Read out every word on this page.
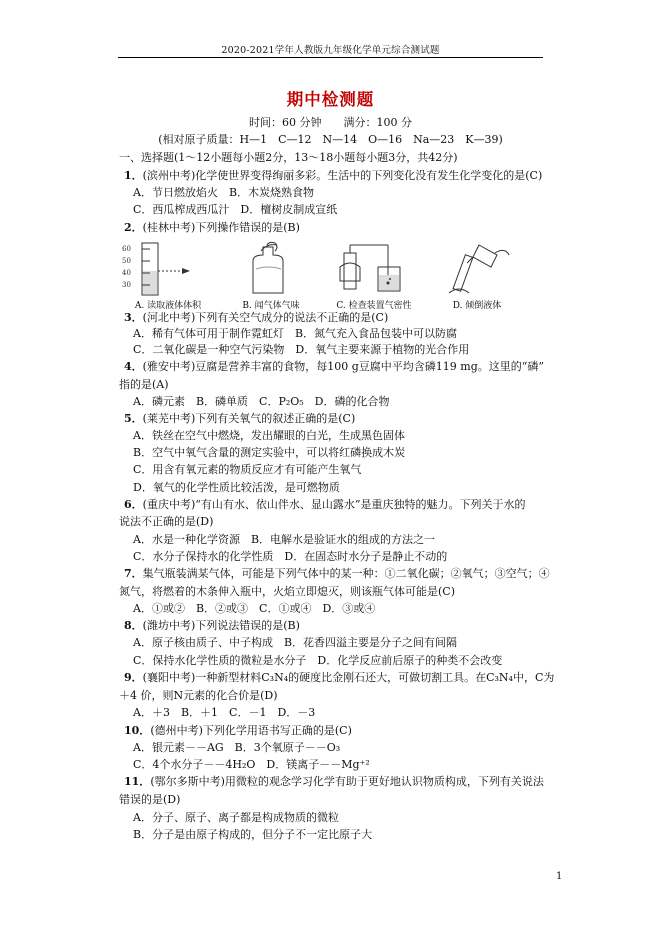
2020-2021学年人教版九年级化学单元综合测试题
期中检测题
时间：60 分钟　　满分：100 分
(相对原子质量：H—1　C—12　N—14　O—16　Na—23　K—39)
一、选择题(1～12小题每小题2分，13～18小题每小题3分，共42分)
1．(滨州中考)化学使世界变得绚丽多彩。生活中的下列变化没有发生化学变化的是(C)
A．节日燃放焰火　B．木炭烧熟食物
C．西瓜榨成西瓜汁　D．檀树皮制成宣纸
2．(桂林中考)下列操作错误的是(B)
60
50
40
30
A. 读取液体体积	B. 闻气体气味	C. 检查装置气密性	D. 倾倒液体
3．(河北中考)下列有关空气成分的说法不正确的是(C)
A．稀有气体可用于制作霓虹灯　B．氮气充入食品包装中可以防腐
C．二氧化碳是一种空气污染物　D．氧气主要来源于植物的光合作用
4．(雅安中考)豆腐是营养丰富的食物，每100 g豆腐中平均含磷119 mg。这里的“磷”
指的是(A)
A．磷元素　B．磷单质　C．P₂O₅　D．磷的化合物
5．(莱芜中考)下列有关氧气的叙述正确的是(C)
A．铁丝在空气中燃烧，发出耀眼的白光，生成黑色固体
B．空气中氧气含量的测定实验中，可以将红磷换成木炭
C．用含有氧元素的物质反应才有可能产生氧气
D．氧气的化学性质比较活泼，是可燃物质
6．(重庆中考)“有山有水、依山伴水、显山露水”是重庆独特的魅力。下列关于水的
说法不正确的是(D)
A．水是一种化学资源　B．电解水是验证水的组成的方法之一
C．水分子保持水的化学性质　D．在固态时水分子是静止不动的
7．集气瓶装满某气体，可能是下列气体中的某一种：①二氧化碳；②氧气；③空气；④
氮气，将燃着的木条伸入瓶中，火焰立即熄灭，则该瓶气体可能是(C)
A．①或②　B．②或③　C．①或④　D．③或④
8．(潍坊中考)下列说法错误的是(B)
A．原子核由质子、中子构成　B．花香四溢主要是分子之间有间隔
C．保持水化学性质的微粒是水分子　D．化学反应前后原子的种类不会改变
9．(襄阳中考)一种新型材料C₃N₄的硬度比金刚石还大，可做切割工具。在C₃N₄中，C为
＋4 价，则N元素的化合价是(D)
A．＋3　B．＋1　C．－1　D．－3
10．(德州中考)下列化学用语书写正确的是(C)
A．银元素－－AG　B．3个氧原子－－O₃
C．4个水分子－－4H₂O　D．镁离子－－Mg⁺²
11．(鄂尔多斯中考)用微粒的观念学习化学有助于更好地认识物质构成，下列有关说法
错误的是(D)
A．分子、原子、离子都是构成物质的微粒
B．分子是由原子构成的，但分子不一定比原子大
1
